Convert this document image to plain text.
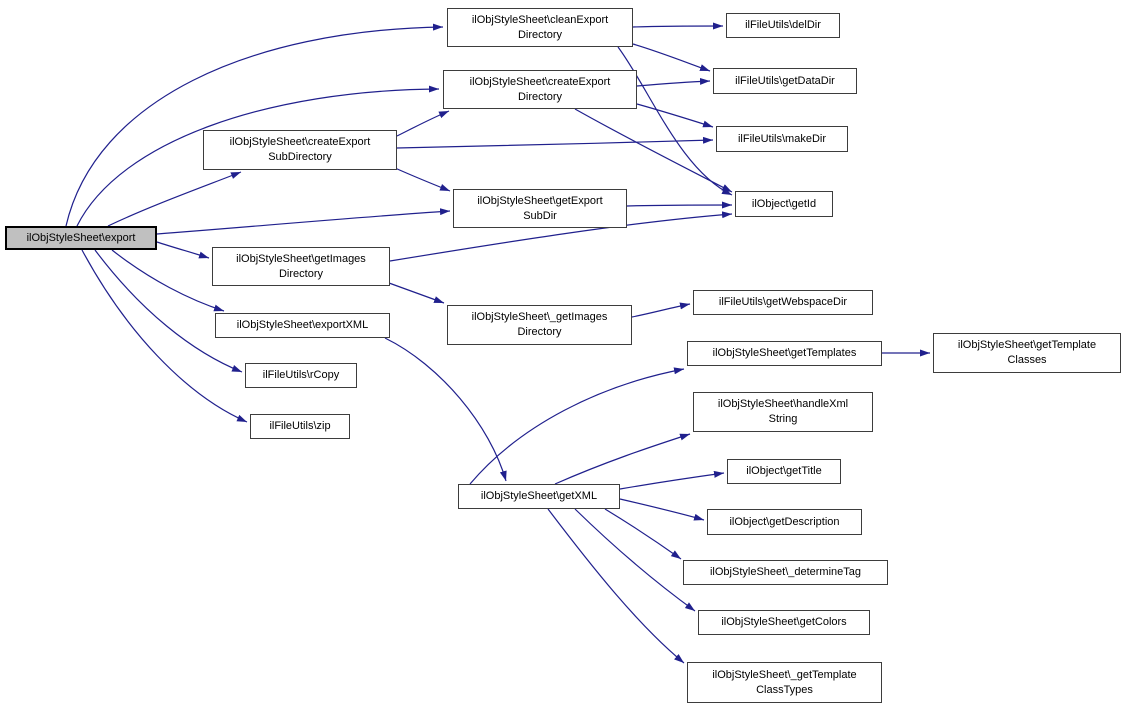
ilObjStyleSheet\export
ilObjStyleSheet\cleanExport
Directory
ilFileUtils\delDir
ilFileUtils\getDataDir
ilObjStyleSheet\createExport
Directory
ilFileUtils\makeDir
ilObjStyleSheet\createExport
SubDirectory
ilObjStyleSheet\getExport
SubDir
ilObject\getId
ilObjStyleSheet\getImages
Directory
ilObjStyleSheet\exportXML
ilObjStyleSheet\_getImages
Directory
ilFileUtils\getWebspaceDir
ilFileUtils\rCopy
ilFileUtils\zip
ilObjStyleSheet\getTemplates
ilObjStyleSheet\getTemplate
Classes
ilObjStyleSheet\getXML
ilObjStyleSheet\handleXml
String
ilObject\getTitle
ilObject\getDescription
ilObjStyleSheet\_determineTag
ilObjStyleSheet\getColors
ilObjStyleSheet\_getTemplate
ClassTypes
